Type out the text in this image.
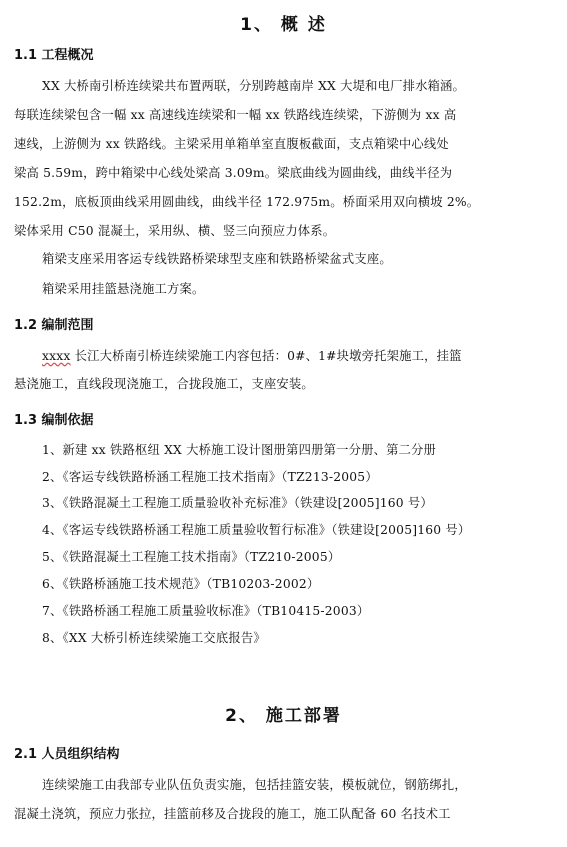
1、 概 述
1.1 工程概况
XX 大桥南引桥连续梁共布置两联，分别跨越南岸 XX 大堤和电厂排水箱涵。
每联连续梁包含一幅 xx 高速线连续梁和一幅 xx 铁路线连续梁，下游侧为 xx 高
速线，上游侧为 xx 铁路线。主梁采用单箱单室直腹板截面，支点箱梁中心线处
梁高 5.59m，跨中箱梁中心线处梁高 3.09m。梁底曲线为圆曲线，曲线半径为
152.2m，底板顶曲线采用圆曲线，曲线半径 172.975m。桥面采用双向横坡 2%。
梁体采用 C50 混凝土，采用纵、横、竖三向预应力体系。
箱梁支座采用客运专线铁路桥梁球型支座和铁路桥梁盆式支座。
箱梁采用挂篮悬浇施工方案。
1.2 编制范围
xxxx 长江大桥南引桥连续梁施工内容包括：0#、1#块墩旁托架施工，挂篮
悬浇施工，直线段现浇施工，合拢段施工，支座安装。
1.3 编制依据
1、新建 xx 铁路枢纽 XX 大桥施工设计图册第四册第一分册、第二分册
2、《客运专线铁路桥涵工程施工技术指南》（TZ213-2005）
3、《铁路混凝土工程施工质量验收补充标准》（铁建设[2005]160 号）
4、《客运专线铁路桥涵工程施工质量验收暂行标准》（铁建设[2005]160 号）
5、《铁路混凝土工程施工技术指南》（TZ210-2005）
6、《铁路桥涵施工技术规范》（TB10203-2002）
7、《铁路桥涵工程施工质量验收标准》（TB10415-2003）
8、《XX 大桥引桥连续梁施工交底报告》
2、 施工部署
2.1 人员组织结构
连续梁施工由我部专业队伍负责实施，包括挂篮安装，模板就位，钢筋绑扎，
混凝土浇筑，预应力张拉，挂篮前移及合拢段的施工，施工队配备 60 名技术工
